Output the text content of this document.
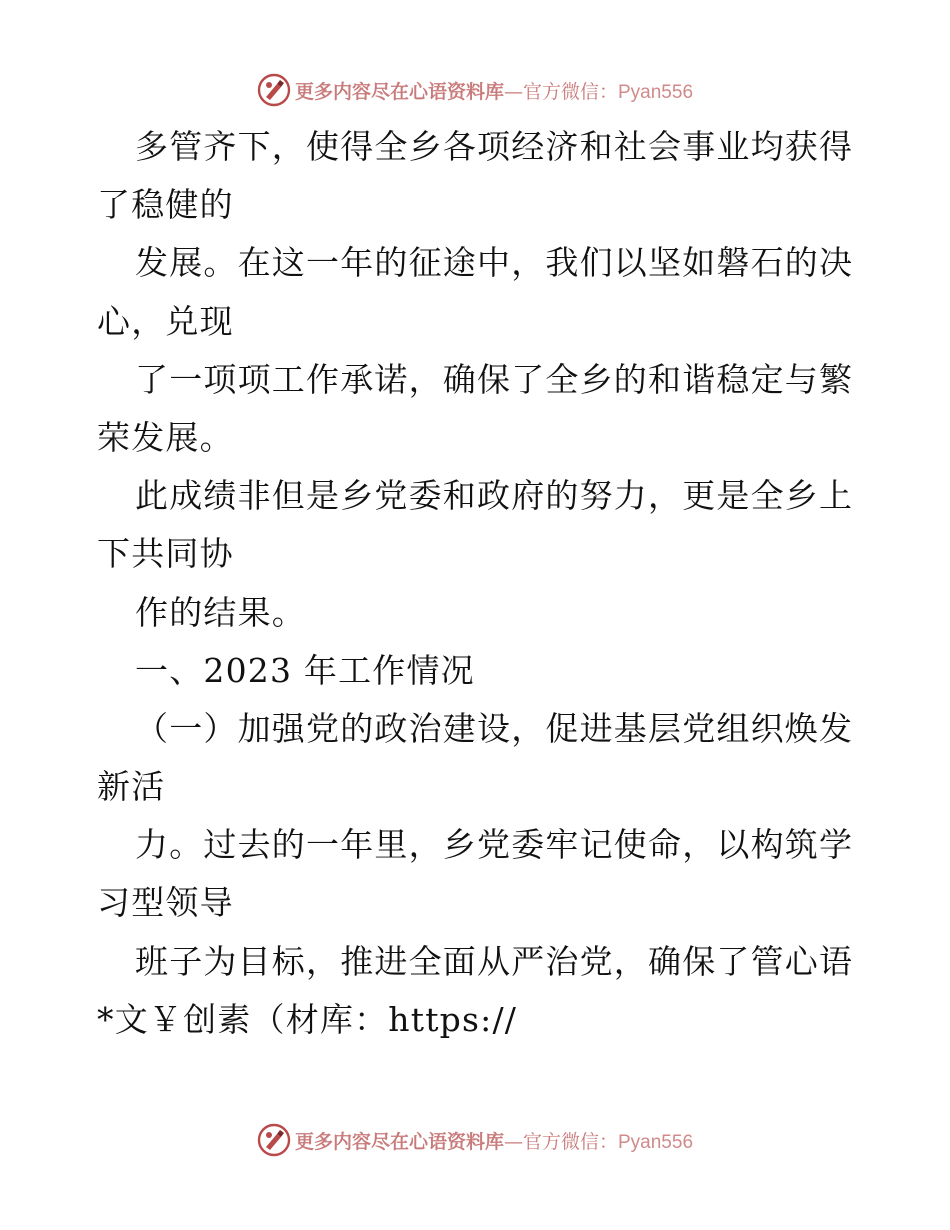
更多内容尽在心语资料库—官方微信：Pyan556
多管齐下，使得全乡各项经济和社会事业均获得
了稳健的
发展。在这一年的征途中，我们以坚如磐石的决
心，兑现
了一项项工作承诺，确保了全乡的和谐稳定与繁
荣发展。
此成绩非但是乡党委和政府的努力，更是全乡上
下共同协
作的结果。
一、2023 年工作情况
（一）加强党的政治建设，促进基层党组织焕发
新活
力。过去的一年里，乡党委牢记使命，以构筑学
习型领导
班子为目标，推进全面从严治党，确保了管心语
*文￥创素（材库：https://
更多内容尽在心语资料库—官方微信：Pyan556
